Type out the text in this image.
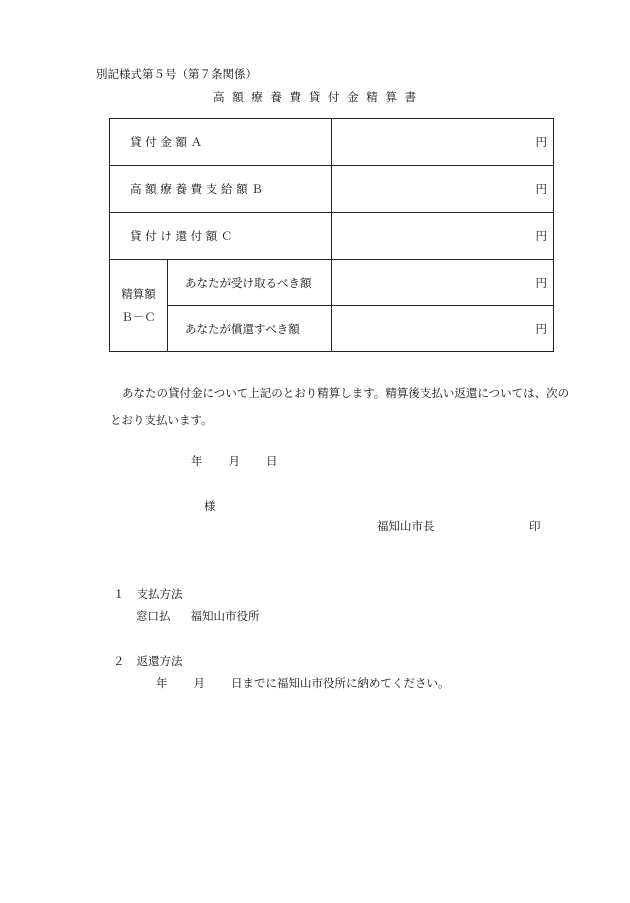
別記様式第５号（第７条関係）
高 額 療 養 費 貸 付 金 精 算 書
貸 付 金 額 Ａ		円

高 額 療 養 費 支 給 額 Ｂ		円

貸 付 け 還 付 額 Ｃ		円

精算額
Ｂ－Ｃ	あなたが受け取るべき額	円
	あなたが償還すべき額	円
あなたの貸付金について上記のとおり精算します。精算後支払い返還については、次のとおり支払います。
年 月 日
様
福知山市長	印
１ 支払方法
窓口払 福知山市役所
２ 返還方法
年 月 日までに福知山市役所に納めてください。
